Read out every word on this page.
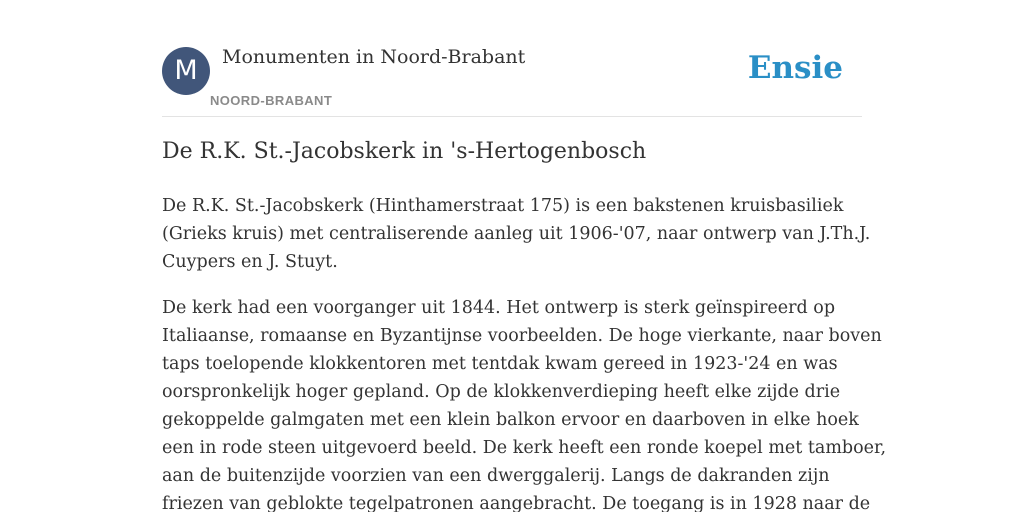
M	Monumenten in Noord-Brabant
NOORD-BRABANT
Ensie
De R.K. St.-Jacobskerk in 's-Hertogenbosch

De R.K. St.-Jacobskerk (Hinthamerstraat 175) is een bakstenen kruisbasiliek
(Grieks kruis) met centraliserende aanleg uit 1906-'07, naar ontwerp van J.Th.J.
Cuypers en J. Stuyt.

De kerk had een voorganger uit 1844. Het ontwerp is sterk geïnspireerd op
Italiaanse, romaanse en Byzantijnse voorbeelden. De hoge vierkante, naar boven
taps toelopende klokkentoren met tentdak kwam gereed in 1923-'24 en was
oorspronkelijk hoger gepland. Op de klokkenverdieping heeft elke zijde drie
gekoppelde galmgaten met een klein balkon ervoor en daarboven in elke hoek
een in rode steen uitgevoerd beeld. De kerk heeft een ronde koepel met tamboer,
aan de buitenzijde voorzien van een dwerggalerij. Langs de dakranden zijn
friezen van geblokte tegelpatronen aangebracht. De toegang is in 1928 naar de
